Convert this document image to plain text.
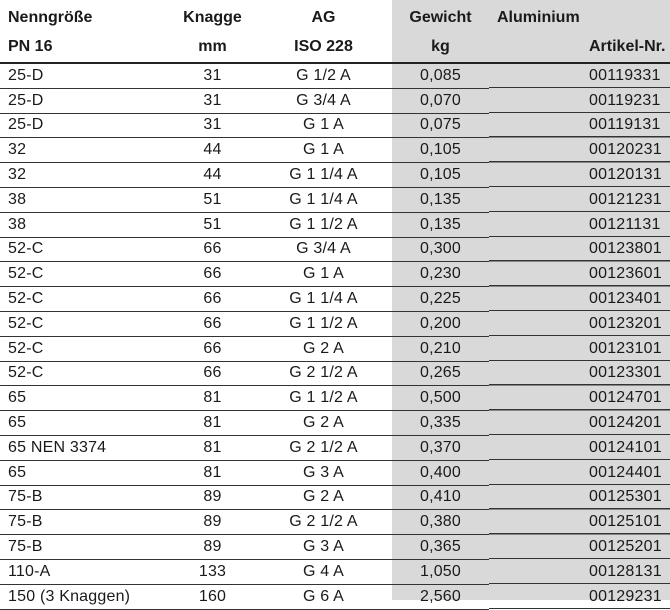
Nenngröße	Knagge	AG	Gewicht	Aluminium
PN 16	mm	ISO 228	kg	Artikel-Nr.
25-D	31	G 1/2 A	0,085	00119331
25-D	31	G 3/4 A	0,070	00119231
25-D	31	G 1 A	0,075	00119131
32	44	G 1 A	0,105	00120231
32	44	G 1 1/4 A	0,105	00120131
38	51	G 1 1/4 A	0,135	00121231
38	51	G 1 1/2 A	0,135	00121131
52-C	66	G 3/4 A	0,300	00123801
52-C	66	G 1 A	0,230	00123601
52-C	66	G 1 1/4 A	0,225	00123401
52-C	66	G 1 1/2 A	0,200	00123201
52-C	66	G 2 A	0,210	00123101
52-C	66	G 2 1/2 A	0,265	00123301
65	81	G 1 1/2 A	0,500	00124701
65	81	G 2 A	0,335	00124201
65 NEN 3374	81	G 2 1/2 A	0,370	00124101
65	81	G 3 A	0,400	00124401
75-B	89	G 2 A	0,410	00125301
75-B	89	G 2 1/2 A	0,380	00125101
75-B	89	G 3 A	0,365	00125201
110-A	133	G 4 A	1,050	00128131
150 (3 Knaggen)	160	G 6 A	2,560	00129231
